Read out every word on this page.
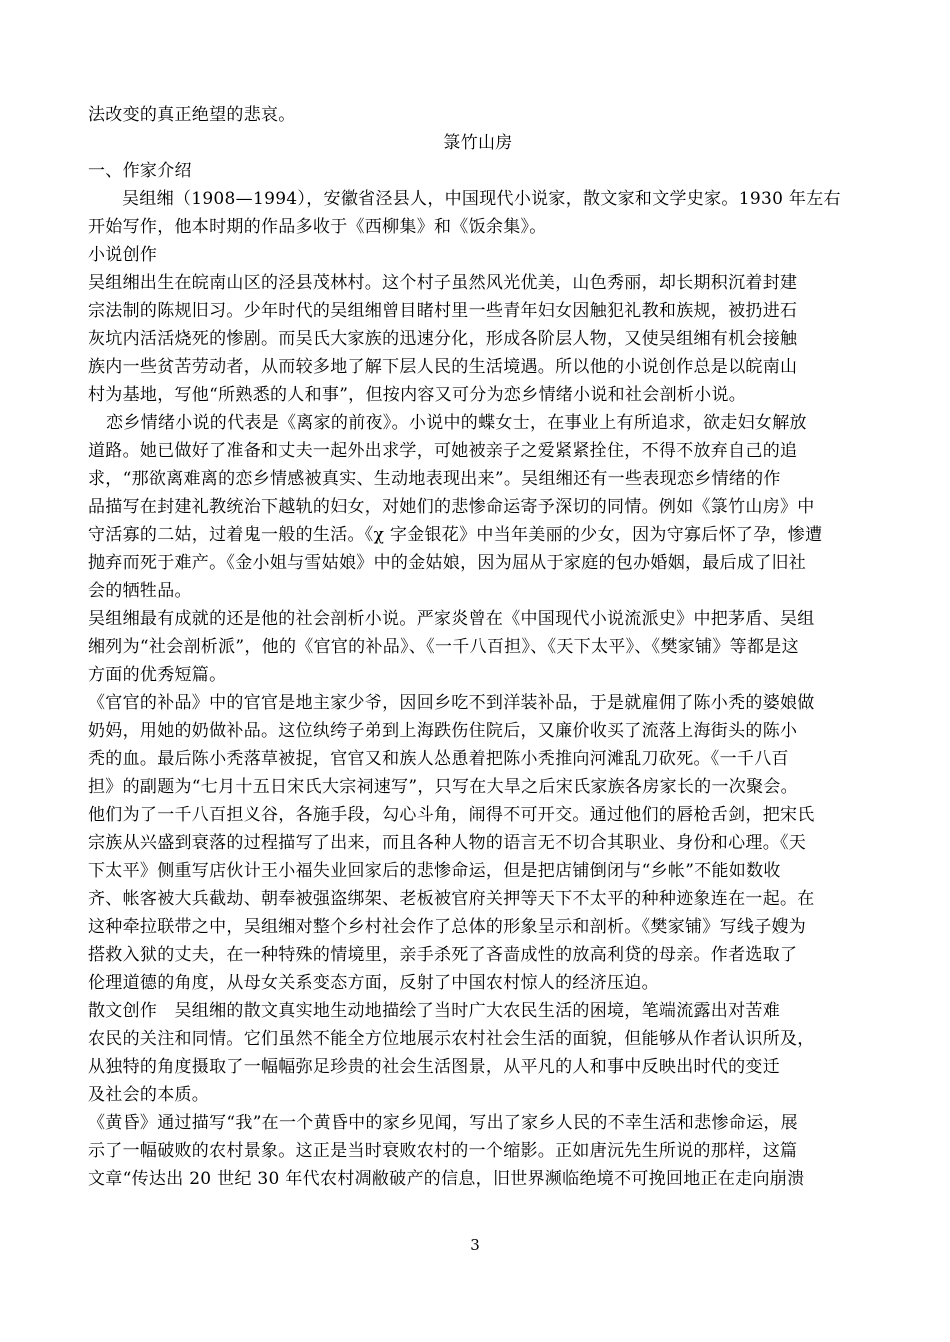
法改变的真正绝望的悲哀。
箓竹山房
一、作家介绍
吴组缃（1908—1994），安徽省泾县人，中国现代小说家，散文家和文学史家。1930 年左右
开始写作，他本时期的作品多收于《西柳集》和《饭余集》。
小说创作
吴组缃出生在皖南山区的泾县茂林村。这个村子虽然风光优美，山色秀丽，却长期积沉着封建
宗法制的陈规旧习。少年时代的吴组缃曾目睹村里一些青年妇女因触犯礼教和族规，被扔进石
灰坑内活活烧死的惨剧。而吴氏大家族的迅速分化，形成各阶层人物，又使吴组缃有机会接触
族内一些贫苦劳动者，从而较多地了解下层人民的生活境遇。所以他的小说创作总是以皖南山
村为基地，写他“所熟悉的人和事”，但按内容又可分为恋乡情绪小说和社会剖析小说。
恋乡情绪小说的代表是《离家的前夜》。小说中的蝶女士，在事业上有所追求，欲走妇女解放
道路。她已做好了准备和丈夫一起外出求学，可她被亲子之爱紧紧拴住，不得不放弃自己的追
求，“那欲离难离的恋乡情感被真实、生动地表现出来”。吴组缃还有一些表现恋乡情绪的作
品描写在封建礼教统治下越轨的妇女，对她们的悲惨命运寄予深切的同情。例如《箓竹山房》中
守活寡的二姑，过着鬼一般的生活。《χ 字金银花》中当年美丽的少女，因为守寡后怀了孕，惨遭
抛弃而死于难产。《金小姐与雪姑娘》中的金姑娘，因为屈从于家庭的包办婚姻，最后成了旧社
会的牺牲品。
吴组缃最有成就的还是他的社会剖析小说。严家炎曾在《中国现代小说流派史》中把茅盾、吴组
缃列为“社会剖析派”，他的《官官的补品》、《一千八百担》、《天下太平》、《樊家铺》等都是这
方面的优秀短篇。
《官官的补品》中的官官是地主家少爷，因回乡吃不到洋装补品，于是就雇佣了陈小秃的婆娘做
奶妈，用她的奶做补品。这位纨绔子弟到上海跌伤住院后，又廉价收买了流落上海街头的陈小
秃的血。最后陈小秃落草被捉，官官又和族人怂恿着把陈小秃推向河滩乱刀砍死。《一千八百
担》的副题为“七月十五日宋氏大宗祠速写”，只写在大旱之后宋氏家族各房家长的一次聚会。
他们为了一千八百担义谷，各施手段，勾心斗角，闹得不可开交。通过他们的唇枪舌剑，把宋氏
宗族从兴盛到衰落的过程描写了出来，而且各种人物的语言无不切合其职业、身份和心理。《天
下太平》侧重写店伙计王小福失业回家后的悲惨命运，但是把店铺倒闭与“乡帐”不能如数收
齐、帐客被大兵截劫、朝奉被强盗绑架、老板被官府关押等天下不太平的种种迹象连在一起。在
这种牵拉联带之中，吴组缃对整个乡村社会作了总体的形象呈示和剖析。《樊家铺》写线子嫂为
搭救入狱的丈夫，在一种特殊的情境里，亲手杀死了吝啬成性的放高利贷的母亲。作者选取了
伦理道德的角度，从母女关系变态方面，反射了中国农村惊人的经济压迫。
散文创作　吴组缃的散文真实地生动地描绘了当时广大农民生活的困境，笔端流露出对苦难
农民的关注和同情。它们虽然不能全方位地展示农村社会生活的面貌，但能够从作者认识所及，
从独特的角度摄取了一幅幅弥足珍贵的社会生活图景，从平凡的人和事中反映出时代的变迁
及社会的本质。
《黄昏》通过描写“我”在一个黄昏中的家乡见闻，写出了家乡人民的不幸生活和悲惨命运，展
示了一幅破败的农村景象。这正是当时衰败农村的一个缩影。正如唐沅先生所说的那样，这篇
文章“传达出 20 世纪 30 年代农村凋敝破产的信息，旧世界濒临绝境不可挽回地正在走向崩溃
3
